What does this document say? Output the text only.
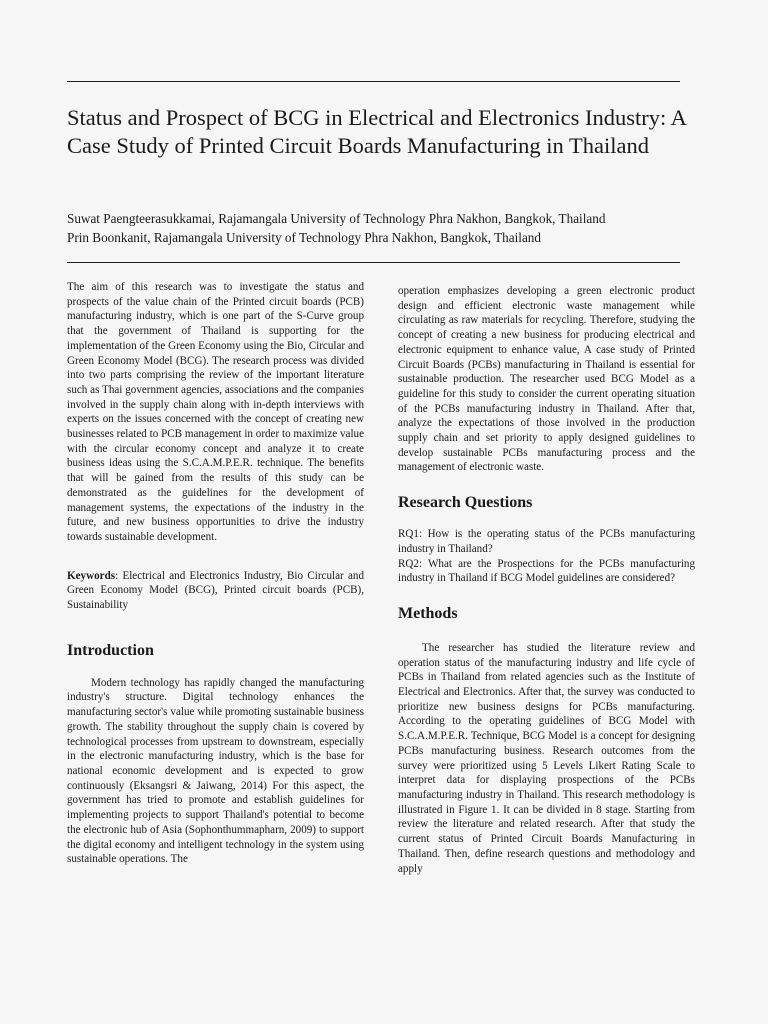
Status and Prospect of BCG in Electrical and Electronics Industry: A Case Study of Printed Circuit Boards Manufacturing in Thailand
Suwat Paengteerasukkamai, Rajamangala University of Technology Phra Nakhon, Bangkok, Thailand
Prin Boonkanit, Rajamangala University of Technology Phra Nakhon, Bangkok, Thailand

The aim of this research was to investigate the status and prospects of the value chain of the Printed circuit boards (PCB) manufacturing industry, which is one part of the S-Curve group that the government of Thailand is supporting for the implementation of the Green Economy using the Bio, Circular and Green Economy Model (BCG). The research process was divided into two parts comprising the review of the important literature such as Thai government agencies, associations and the companies involved in the supply chain along with in-depth interviews with experts on the issues concerned with the concept of creating new businesses related to PCB management in order to maximize value with the circular economy concept and analyze it to create business ideas using the S.C.A.M.P.E.R. technique. The benefits that will be gained from the results of this study can be demonstrated as the guidelines for the development of management systems, the expectations of the industry in the future, and new business opportunities to drive the industry towards sustainable development.

Keywords: Electrical and Electronics Industry, Bio Circular and Green Economy Model (BCG), Printed circuit boards (PCB), Sustainability

Introduction

Modern technology has rapidly changed the manufacturing industry's structure. Digital technology enhances the manufacturing sector's value while promoting sustainable business growth. The stability throughout the supply chain is covered by technological processes from upstream to downstream, especially in the electronic manufacturing industry, which is the base for national economic development and is expected to grow continuously (Eksangsri & Jaiwang, 2014) For this aspect, the government has tried to promote and establish guidelines for implementing projects to support Thailand's potential to become the electronic hub of Asia (Sophonthummapharn, 2009) to support the digital economy and intelligent technology in the system using sustainable operations. The

operation emphasizes developing a green electronic product design and efficient electronic waste management while circulating as raw materials for recycling. Therefore, studying the concept of creating a new business for producing electrical and electronic equipment to enhance value, A case study of Printed Circuit Boards (PCBs) manufacturing in Thailand is essential for sustainable production. The researcher used BCG Model as a guideline for this study to consider the current operating situation of the PCBs manufacturing industry in Thailand. After that, analyze the expectations of those involved in the production supply chain and set priority to apply designed guidelines to develop sustainable PCBs manufacturing process and the management of electronic waste.

Research Questions

RQ1: How is the operating status of the PCBs manufacturing industry in Thailand?

RQ2: What are the Prospections for the PCBs manufacturing industry in Thailand if BCG Model guidelines are considered?

Methods

The researcher has studied the literature review and operation status of the manufacturing industry and life cycle of PCBs in Thailand from related agencies such as the Institute of Electrical and Electronics. After that, the survey was conducted to prioritize new business designs for PCBs manufacturing. According to the operating guidelines of BCG Model with S.C.A.M.P.E.R. Technique, BCG Model is a concept for designing PCBs manufacturing business. Research outcomes from the survey were prioritized using 5 Levels Likert Rating Scale to interpret data for displaying prospections of the PCBs manufacturing industry in Thailand. This research methodology is illustrated in Figure 1. It can be divided in 8 stage. Starting from review the literature and related research. After that study the current status of Printed Circuit Boards Manufacturing in Thailand. Then, define research questions and methodology and apply
